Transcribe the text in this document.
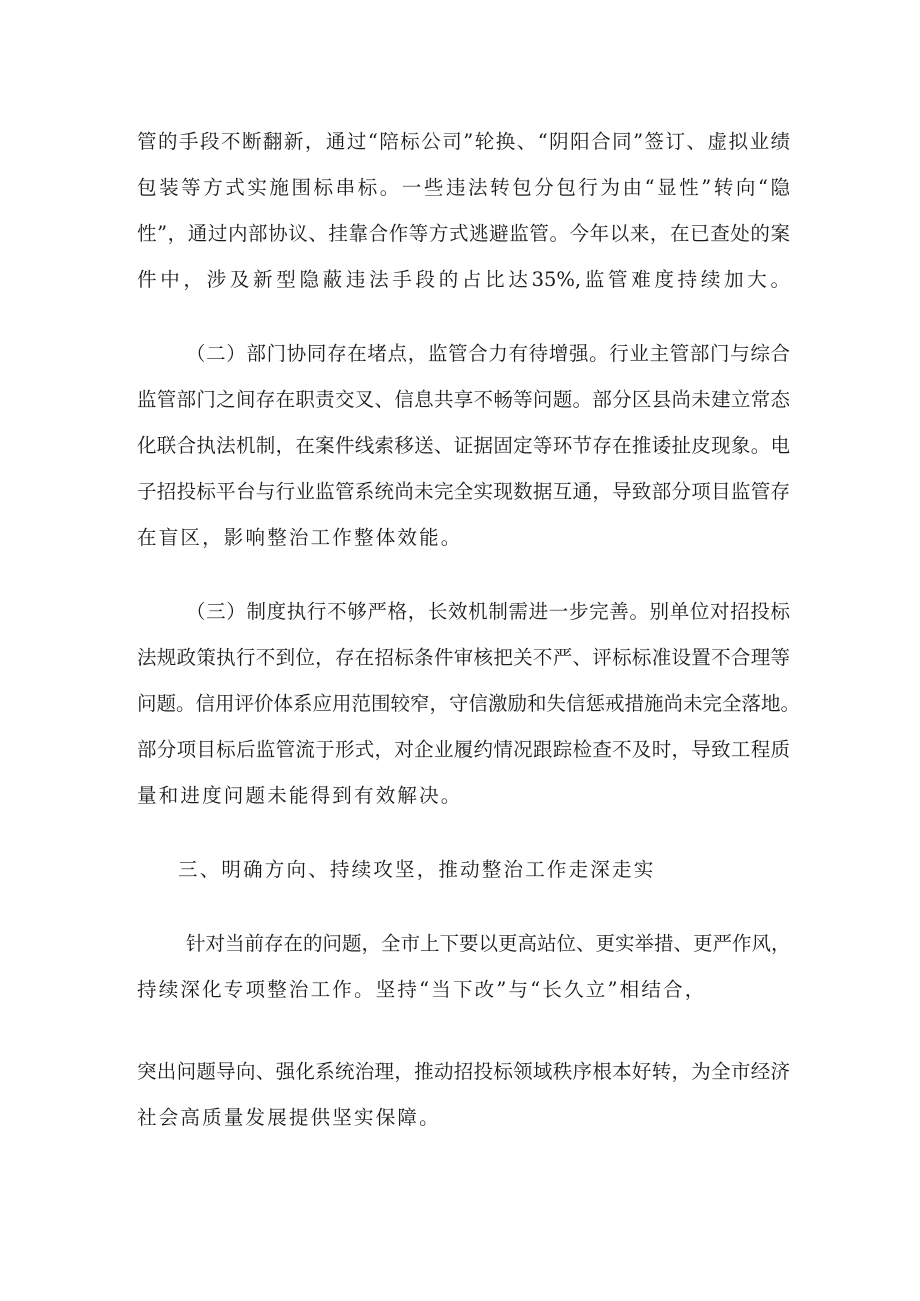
管的手段不断翻新，通过“陪标公司”轮换、“阴阳合同”签订、虚拟业绩
包装等方式实施围标串标。一些违法转包分包行为由“显性”转向“隐
性”，通过内部协议、挂靠合作等方式逃避监管。今年以来，在已查处的案
件中，涉及新型隐蔽违法手段的占比达35%,监管难度持续加大。
（二）部门协同存在堵点，监管合力有待增强。行业主管部门与综合
监管部门之间存在职责交叉、信息共享不畅等问题。部分区县尚未建立常态
化联合执法机制，在案件线索移送、证据固定等环节存在推诿扯皮现象。电
子招投标平台与行业监管系统尚未完全实现数据互通，导致部分项目监管存
在盲区，影响整治工作整体效能。
（三）制度执行不够严格，长效机制需进一步完善。别单位对招投标
法规政策执行不到位，存在招标条件审核把关不严、评标标准设置不合理等
问题。信用评价体系应用范围较窄，守信激励和失信惩戒措施尚未完全落地。
部分项目标后监管流于形式，对企业履约情况跟踪检查不及时，导致工程质
量和进度问题未能得到有效解决。
三、明确方向、持续攻坚，推动整治工作走深走实
针对当前存在的问题，全市上下要以更高站位、更实举措、更严作风，
持续深化专项整治工作。坚持“当下改”与“长久立”相结合，
突出问题导向、强化系统治理，推动招投标领域秩序根本好转，为全市经济
社会高质量发展提供坚实保障。
